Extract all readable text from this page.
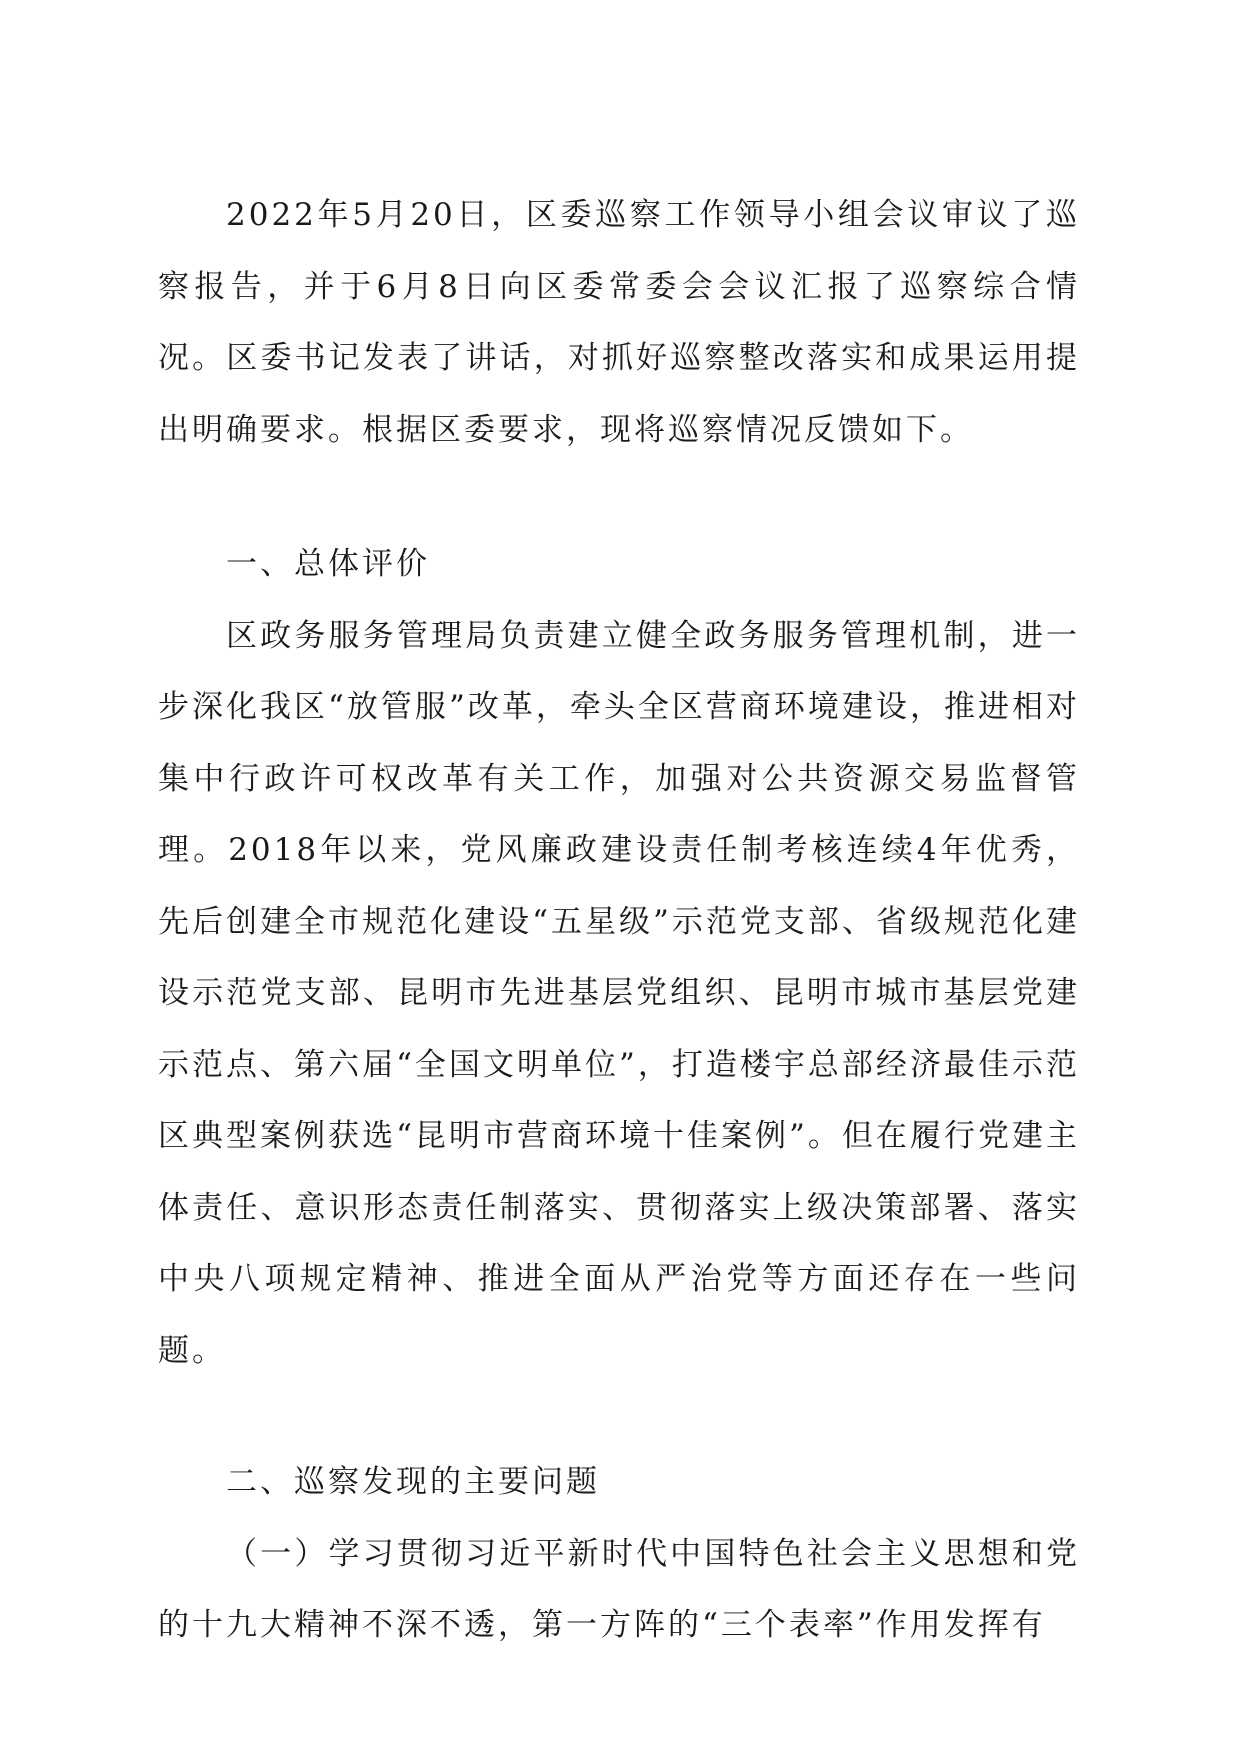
2022年5月20日，区委巡察工作领导小组会议审议了巡察报告，并于6月8日向区委常委会会议汇报了巡察综合情况。区委书记发表了讲话，对抓好巡察整改落实和成果运用提出明确要求。根据区委要求，现将巡察情况反馈如下。

一、总体评价

区政务服务管理局负责建立健全政务服务管理机制，进一步深化我区“放管服”改革，牵头全区营商环境建设，推进相对集中行政许可权改革有关工作，加强对公共资源交易监督管理。2018年以来，党风廉政建设责任制考核连续4年优秀，先后创建全市规范化建设“五星级”示范党支部、省级规范化建设示范党支部、昆明市先进基层党组织、昆明市城市基层党建示范点、第六届“全国文明单位”，打造楼宇总部经济最佳示范区典型案例获选“昆明市营商环境十佳案例”。但在履行党建主体责任、意识形态责任制落实、贯彻落实上级决策部署、落实中央八项规定精神、推进全面从严治党等方面还存在一些问题。

二、巡察发现的主要问题

（一）学习贯彻习近平新时代中国特色社会主义思想和党的十九大精神不深不透，第一方阵的“三个表率”作用发挥有
